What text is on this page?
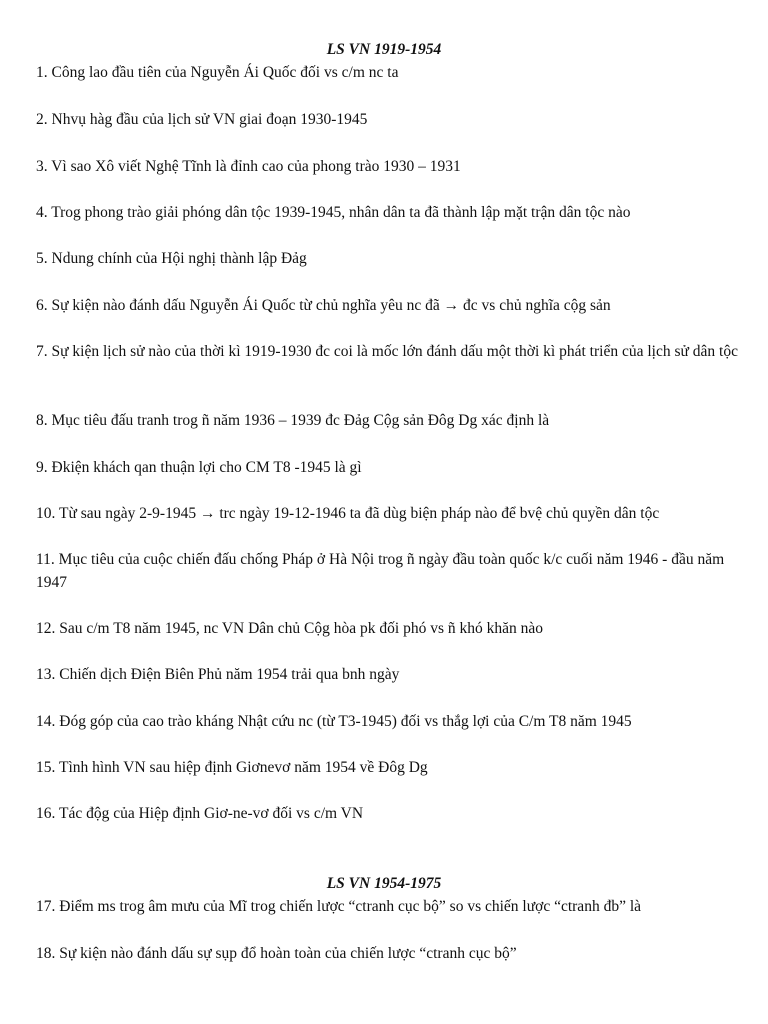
LS VN 1919-1954
1. Công lao đầu tiên của Nguyễn Ái Quốc đối vs c/m nc ta
2. Nhvụ hàg đầu của lịch sử VN giai đoạn 1930-1945
3. Vì sao Xô viết Nghệ Tĩnh là đỉnh cao của phong trào 1930 – 1931
4. Trog phong trào giải phóng dân tộc 1939-1945, nhân dân ta đã thành lập mặt trận dân tộc nào
5. Ndung chính của Hội nghị thành lập Đảg
6. Sự kiện nào đánh dấu Nguyễn Ái Quốc từ chủ nghĩa yêu nc đã → đc vs chủ nghĩa cộg sản
7. Sự kiện lịch sử nào của thời kì 1919-1930 đc coi là mốc lớn đánh dấu một thời kì phát triển của lịch sử dân tộc
8. Mục tiêu đấu tranh trog ñ năm 1936 – 1939 đc Đảg Cộg sản Đôg Dg xác định là
9. Đkiện khách qan thuận lợi cho CM T8 -1945 là gì
10. Từ sau ngày 2-9-1945 → trc ngày 19-12-1946 ta đã dùg biện pháp nào để bvệ chủ quyền dân tộc
11. Mục tiêu của cuộc chiến đấu chống Pháp ở Hà Nội trog ñ ngày đầu toàn quốc k/c cuối năm 1946 - đầu năm 1947
12. Sau c/m T8 năm 1945, nc VN Dân chủ Cộg hòa pk đối phó vs ñ khó khăn nào
13. Chiến dịch Điện Biên Phủ năm 1954 trải qua bnh ngày
14. Đóg góp của cao trào kháng Nhật cứu nc (từ T3-1945) đối vs thắg lợi của C/m T8 năm 1945
15. Tình hình VN sau hiệp định Giơnevơ năm 1954 về Đôg Dg
16. Tác độg của Hiệp định Giơ-ne-vơ đối vs c/m VN
LS VN 1954-1975
17. Điểm ms trog âm mưu của Mĩ trog chiến lược “ctranh cục bộ” so vs chiến lược “ctranh đb” là
18. Sự kiện nào đánh dấu sự sụp đổ hoàn toàn của chiến lược “ctranh cục bộ”
